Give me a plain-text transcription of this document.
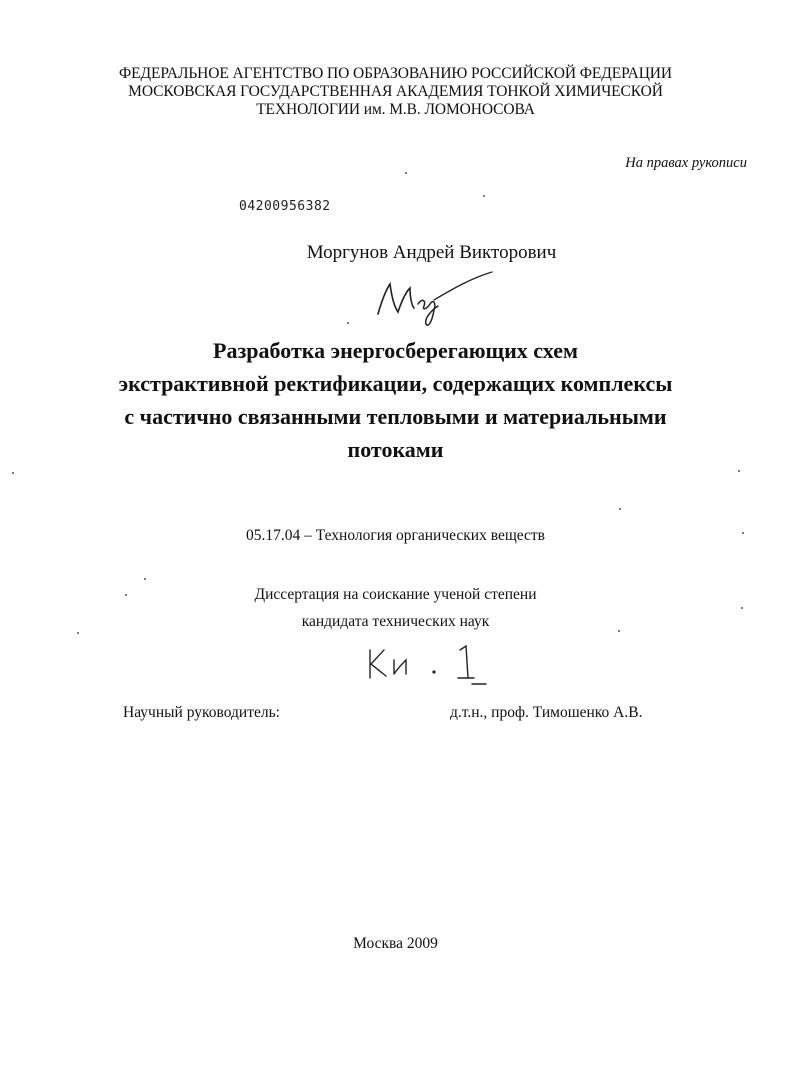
ФЕДЕРАЛЬНОЕ АГЕНТСТВО ПО ОБРАЗОВАНИЮ РОССИЙСКОЙ ФЕДЕРАЦИИ
МОСКОВСКАЯ ГОСУДАРСТВЕННАЯ АКАДЕМИЯ ТОНКОЙ ХИМИЧЕСКОЙ
ТЕХНОЛОГИИ им. М.В. ЛОМОНОСОВА
На правах рукописи
04200956382
Моргунов Андрей Викторович
Разработка энергосберегающих схем
экстрактивной ректификации, содержащих комплексы
с частично связанными тепловыми и материальными
потоками
05.17.04 – Технология органических веществ
Диссертация на соискание ученой степени
кандидата технических наук
Научный руководитель:	д.т.н., проф. Тимошенко А.В.
Москва 2009
